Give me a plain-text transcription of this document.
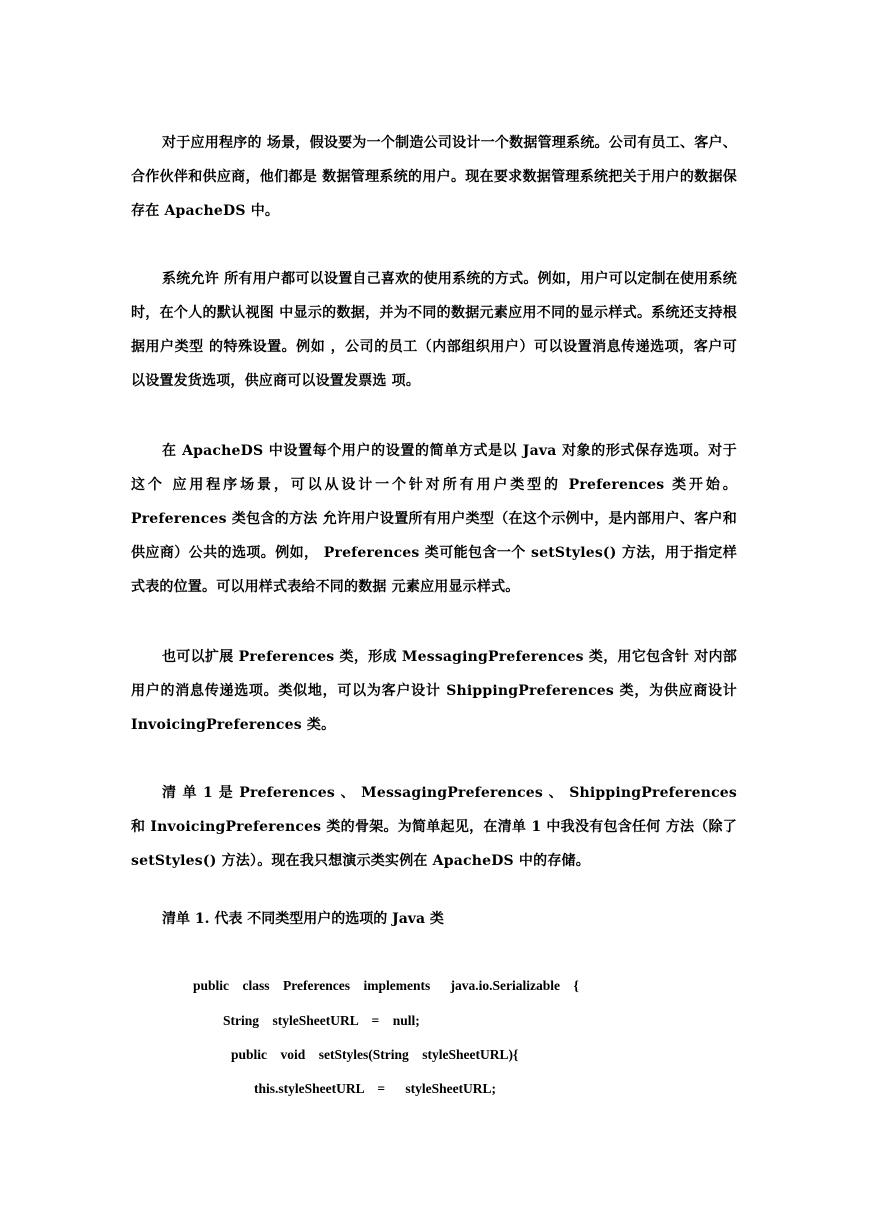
对于应用程序的 场景，假设要为一个制造公司设计一个数据管理系统。公司有员工、客户、合作伙伴和供应商，他们都是 数据管理系统的用户。现在要求数据管理系统把关于用户的数据保存在 ApacheDS 中。

系统允许 所有用户都可以设置自己喜欢的使用系统的方式。例如，用户可以定制在使用系统时，在个人的默认视图 中显示的数据，并为不同的数据元素应用不同的显示样式。系统还支持根据用户类型 的特殊设置。例如 ，公司的员工（内部组织用户）可以设置消息传递选项，客户可以设置发货选项，供应商可以设置发票选 项。

在 ApacheDS 中设置每个用户的设置的简单方式是以 Java 对象的形式保存选项。对于这个 应用程序场景，可以从设计一个针对所有用户类型的 Preferences 类开始。Preferences 类包含的方法 允许用户设置所有用户类型（在这个示例中，是内部用户、客户和供应商）公共的选项。例如， Preferences 类可能包含一个 setStyles() 方法，用于指定样式表的位置。可以用样式表给不同的数据 元素应用显示样式。

也可以扩展 Preferences 类，形成 MessagingPreferences 类，用它包含针 对内部用户的消息传递选项。类似地，可以为客户设计 ShippingPreferences 类，为供应商设计 InvoicingPreferences 类。

清 单 1 是 Preferences 、 MessagingPreferences 、 ShippingPreferences 和 InvoicingPreferences 类的骨架。为简单起见，在清单 1 中我没有包含任何 方法（除了 setStyles() 方法）。现在我只想演示类实例在 ApacheDS 中的存储。

清单 1. 代表 不同类型用户的选项的 Java 类

public    class    Preferences    implements      java.io.Serializable    {
String    styleSheetURL    =    null;
public    void    setStyles(String    styleSheetURL){
this.styleSheetURL    =      styleSheetURL;
